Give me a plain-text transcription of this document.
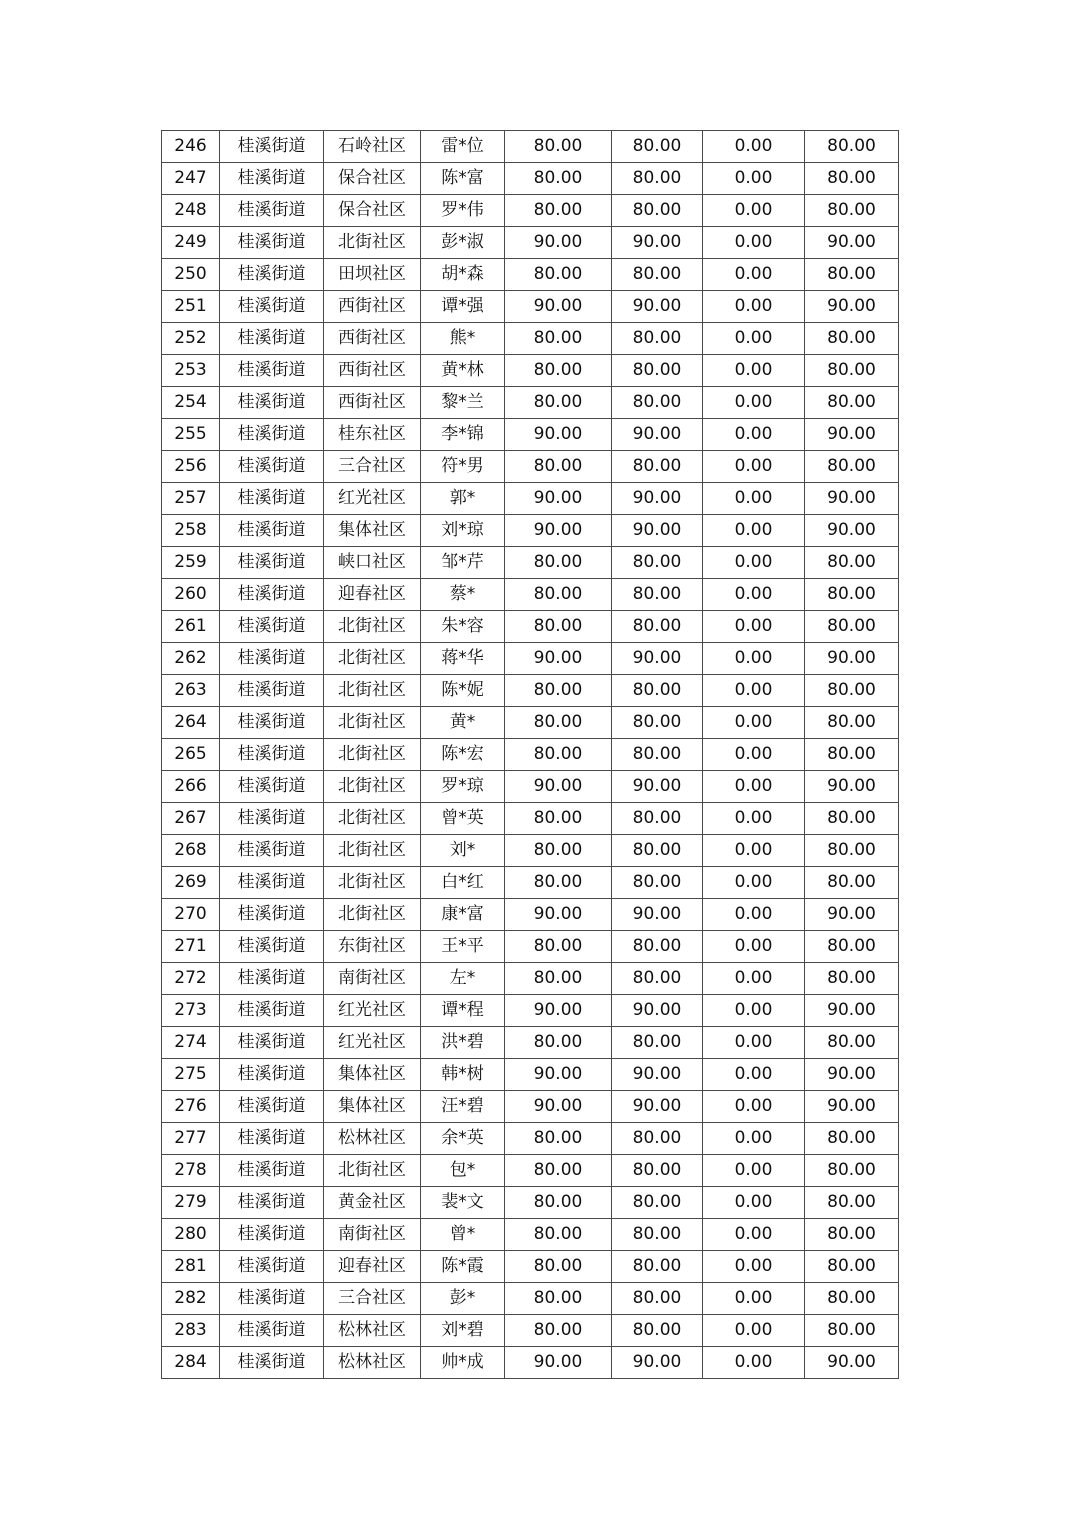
246	桂溪街道	石岭社区	雷*位	80.00	80.00	0.00	80.00
247	桂溪街道	保合社区	陈*富	80.00	80.00	0.00	80.00
248	桂溪街道	保合社区	罗*伟	80.00	80.00	0.00	80.00
249	桂溪街道	北街社区	彭*淑	90.00	90.00	0.00	90.00
250	桂溪街道	田坝社区	胡*森	80.00	80.00	0.00	80.00
251	桂溪街道	西街社区	谭*强	90.00	90.00	0.00	90.00
252	桂溪街道	西街社区	熊*	80.00	80.00	0.00	80.00
253	桂溪街道	西街社区	黄*林	80.00	80.00	0.00	80.00
254	桂溪街道	西街社区	黎*兰	80.00	80.00	0.00	80.00
255	桂溪街道	桂东社区	李*锦	90.00	90.00	0.00	90.00
256	桂溪街道	三合社区	符*男	80.00	80.00	0.00	80.00
257	桂溪街道	红光社区	郭*	90.00	90.00	0.00	90.00
258	桂溪街道	集体社区	刘*琼	90.00	90.00	0.00	90.00
259	桂溪街道	峡口社区	邹*芹	80.00	80.00	0.00	80.00
260	桂溪街道	迎春社区	蔡*	80.00	80.00	0.00	80.00
261	桂溪街道	北街社区	朱*容	80.00	80.00	0.00	80.00
262	桂溪街道	北街社区	蒋*华	90.00	90.00	0.00	90.00
263	桂溪街道	北街社区	陈*妮	80.00	80.00	0.00	80.00
264	桂溪街道	北街社区	黄*	80.00	80.00	0.00	80.00
265	桂溪街道	北街社区	陈*宏	80.00	80.00	0.00	80.00
266	桂溪街道	北街社区	罗*琼	90.00	90.00	0.00	90.00
267	桂溪街道	北街社区	曾*英	80.00	80.00	0.00	80.00
268	桂溪街道	北街社区	刘*	80.00	80.00	0.00	80.00
269	桂溪街道	北街社区	白*红	80.00	80.00	0.00	80.00
270	桂溪街道	北街社区	康*富	90.00	90.00	0.00	90.00
271	桂溪街道	东街社区	王*平	80.00	80.00	0.00	80.00
272	桂溪街道	南街社区	左*	80.00	80.00	0.00	80.00
273	桂溪街道	红光社区	谭*程	90.00	90.00	0.00	90.00
274	桂溪街道	红光社区	洪*碧	80.00	80.00	0.00	80.00
275	桂溪街道	集体社区	韩*树	90.00	90.00	0.00	90.00
276	桂溪街道	集体社区	汪*碧	90.00	90.00	0.00	90.00
277	桂溪街道	松林社区	余*英	80.00	80.00	0.00	80.00
278	桂溪街道	北街社区	包*	80.00	80.00	0.00	80.00
279	桂溪街道	黄金社区	裴*文	80.00	80.00	0.00	80.00
280	桂溪街道	南街社区	曾*	80.00	80.00	0.00	80.00
281	桂溪街道	迎春社区	陈*霞	80.00	80.00	0.00	80.00
282	桂溪街道	三合社区	彭*	80.00	80.00	0.00	80.00
283	桂溪街道	松林社区	刘*碧	80.00	80.00	0.00	80.00
284	桂溪街道	松林社区	帅*成	90.00	90.00	0.00	90.00
